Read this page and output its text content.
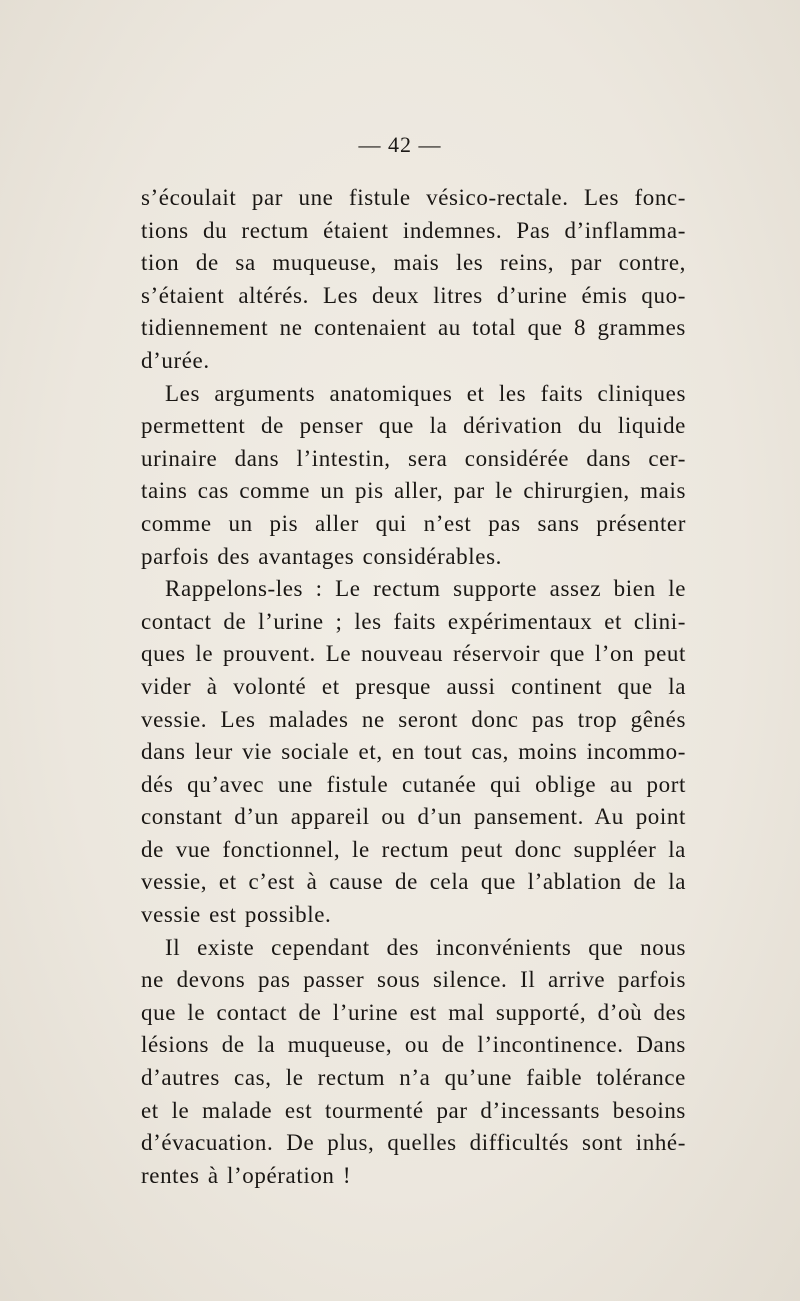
— 42 —
s’écoulait par une fistule vésico-rectale. Les fonc-
tions du rectum étaient indemnes. Pas d’inflamma-
tion de sa muqueuse, mais les reins, par contre,
s’étaient altérés. Les deux litres d’urine émis quo-
tidiennement ne contenaient au total que 8 grammes
d’urée.
Les arguments anatomiques et les faits cliniques
permettent de penser que la dérivation du liquide
urinaire dans l’intestin, sera considérée dans cer-
tains cas comme un pis aller, par le chirurgien, mais
comme un pis aller qui n’est pas sans présenter
parfois des avantages considérables.
Rappelons-les : Le rectum supporte assez bien le
contact de l’urine ; les faits expérimentaux et clini-
ques le prouvent. Le nouveau réservoir que l’on peut
vider à volonté et presque aussi continent que la
vessie. Les malades ne seront donc pas trop gênés
dans leur vie sociale et, en tout cas, moins incommo-
dés qu’avec une fistule cutanée qui oblige au port
constant d’un appareil ou d’un pansement. Au point
de vue fonctionnel, le rectum peut donc suppléer la
vessie, et c’est à cause de cela que l’ablation de la
vessie est possible.
Il existe cependant des inconvénients que nous
ne devons pas passer sous silence. Il arrive parfois
que le contact de l’urine est mal supporté, d’où des
lésions de la muqueuse, ou de l’incontinence. Dans
d’autres cas, le rectum n’a qu’une faible tolérance
et le malade est tourmenté par d’incessants besoins
d’évacuation. De plus, quelles difficultés sont inhé-
rentes à l’opération !
